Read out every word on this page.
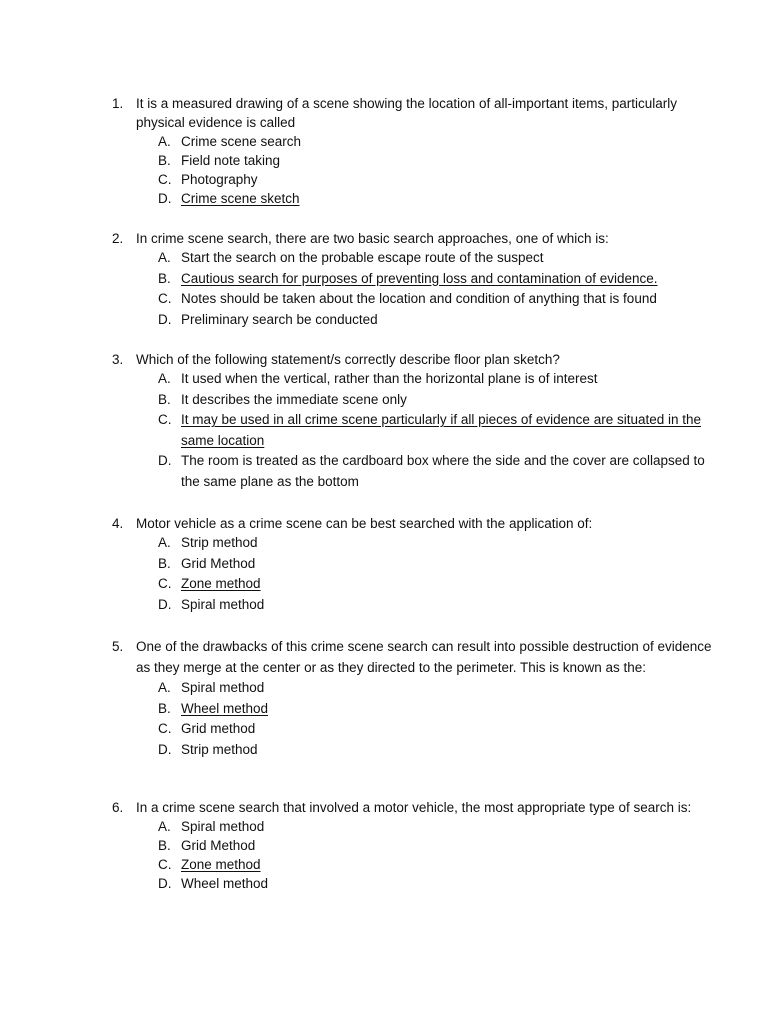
1. It is a measured drawing of a scene showing the location of all-important items, particularly physical evidence is called
A. Crime scene search
B. Field note taking
C. Photography
D. Crime scene sketch
2. In crime scene search, there are two basic search approaches, one of which is:
A. Start the search on the probable escape route of the suspect
B. Cautious search for purposes of preventing loss and contamination of evidence.
C. Notes should be taken about the location and condition of anything that is found
D. Preliminary search be conducted
3. Which of the following statement/s correctly describe floor plan sketch?
A. It used when the vertical, rather than the horizontal plane is of interest
B. It describes the immediate scene only
C. It may be used in all crime scene particularly if all pieces of evidence are situated in the same location
D. The room is treated as the cardboard box where the side and the cover are collapsed to the same plane as the bottom
4. Motor vehicle as a crime scene can be best searched with the application of:
A. Strip method
B. Grid Method
C. Zone method
D. Spiral method
5. One of the drawbacks of this crime scene search can result into possible destruction of evidence as they merge at the center or as they directed to the perimeter. This is known as the:
A. Spiral method
B. Wheel method
C. Grid method
D. Strip method
6. In a crime scene search that involved a motor vehicle, the most appropriate type of search is:
A. Spiral method
B. Grid Method
C. Zone method
D. Wheel method
